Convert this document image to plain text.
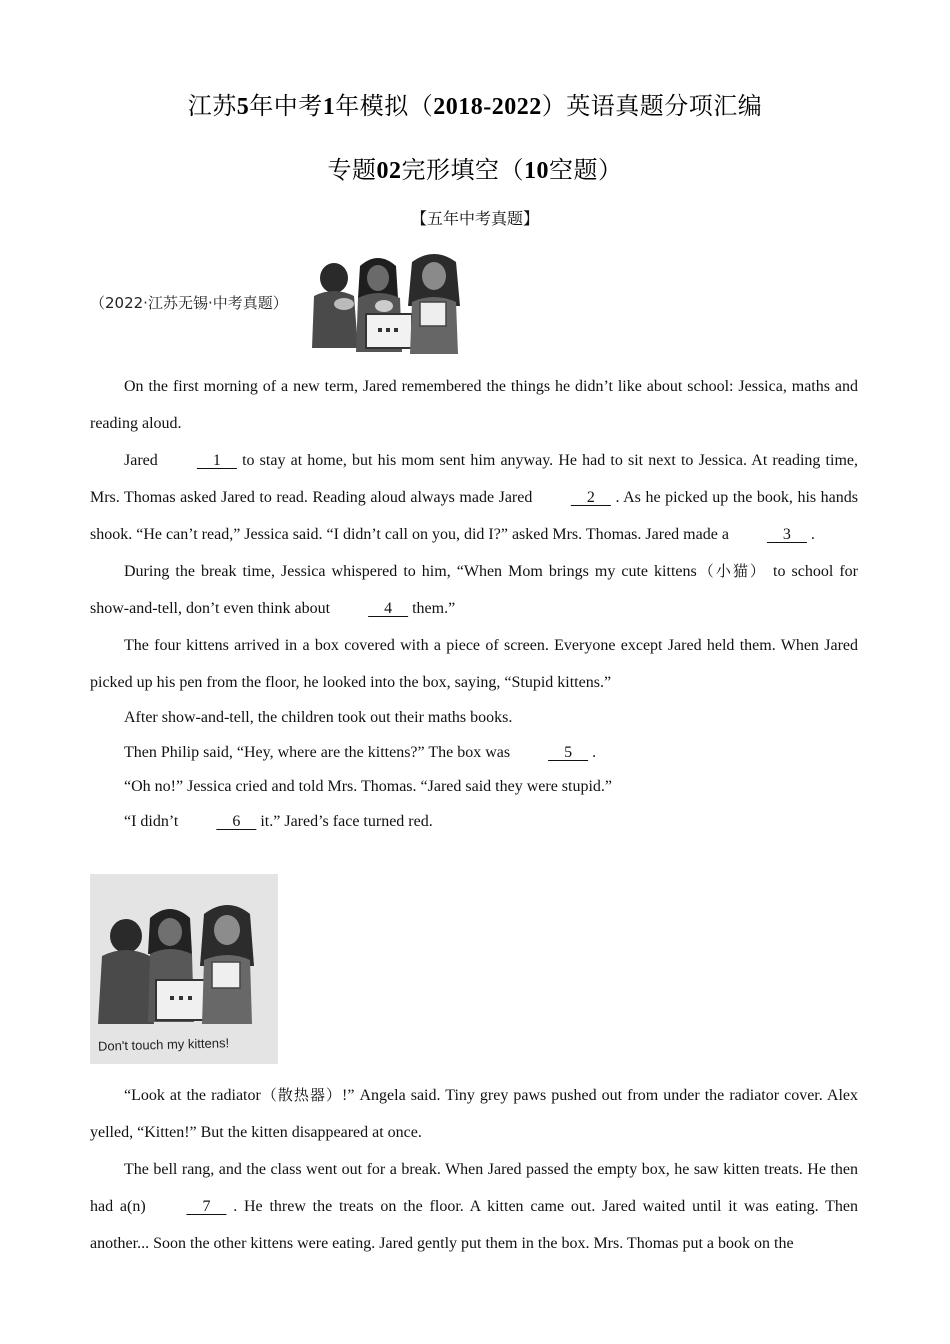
江苏5年中考1年模拟（2018-2022）英语真题分项汇编
专题02完形填空（10空题）
【五年中考真题】
（2022·江苏无锡·中考真题）

On the first morning of a new term, Jared remembered the things he didn’t like about school: Jessica, maths and reading aloud.

Jared     1     to stay at home, but his mom sent him anyway. He had to sit next to Jessica. At reading time, Mrs. Thomas asked Jared to read. Reading aloud always made Jared     2     . As he picked up the book, his hands shook. “He can’t read,” Jessica said. “I didn’t call on you, did I?” asked Mrs. Thomas. Jared made a     3     .

During the break time, Jessica whispered to him, “When Mom brings my cute kittens（小猫） to school for show-and-tell, don’t even think about     4     them.”

The four kittens arrived in a box covered with a piece of screen. Everyone except Jared held them. When Jared picked up his pen from the floor, he looked into the box, saying, “Stupid kittens.”

After show-and-tell, the children took out their maths books.

Then Philip said, “Hey, where are the kittens?” The box was     5     .

“Oh no!” Jessica cried and told Mrs. Thomas. “Jared said they were stupid.”

“I didn’t     6     it.” Jared’s face turned red.

Don't touch my kittens!

“Look at the radiator（散热器）!” Angela said. Tiny grey paws pushed out from under the radiator cover. Alex yelled, “Kitten!” But the kitten disappeared at once.

The bell rang, and the class went out for a break. When Jared passed the empty box, he saw kitten treats. He then had a(n)     7     . He threw the treats on the floor. A kitten came out. Jared waited until it was eating. Then another... Soon the other kittens were eating. Jared gently put them in the box. Mrs. Thomas put a book on the
